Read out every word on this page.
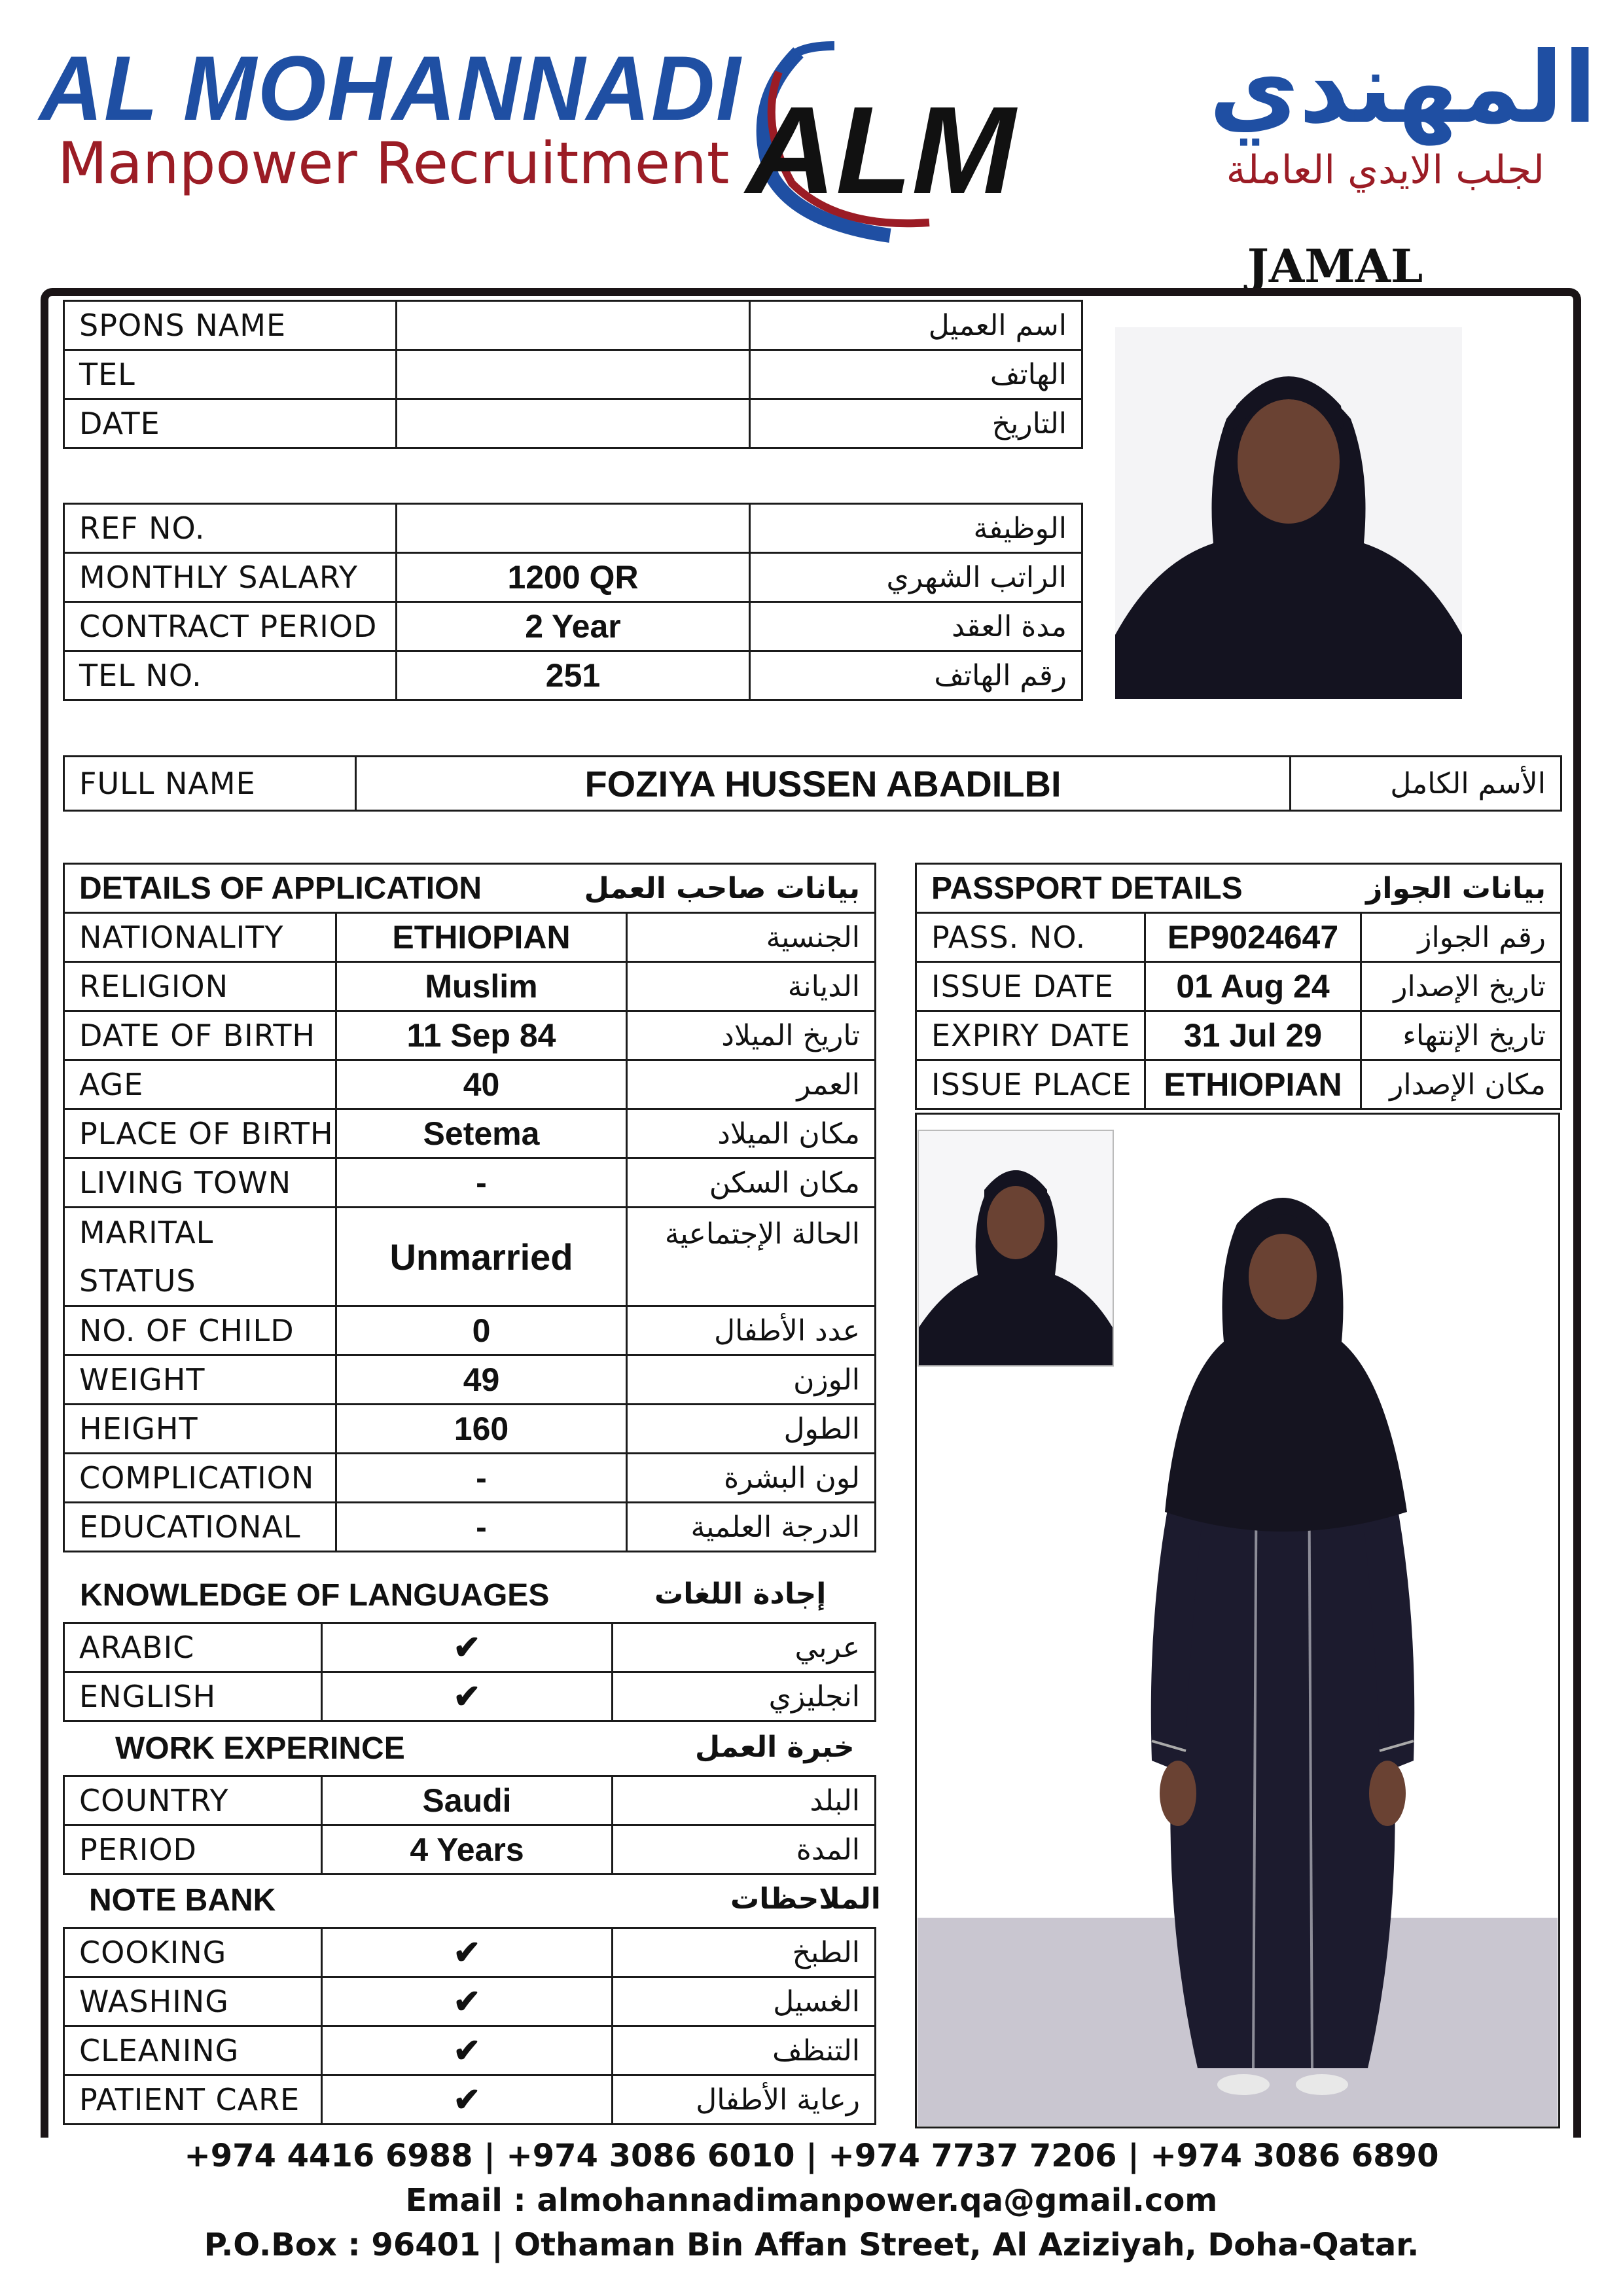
AL MOHANNADI
Manpower Recruitment ALM	المهندي
لجلب الايدي العاملة
JAMAL
SPONS NAME		اسم العميل
TEL		الهاتف
DATE		التاريخ
REF NO.		الوظيفة
MONTHLY SALARY	1200 QR	الراتب الشهري
CONTRACT PERIOD	2 Year	مدة العقد
TEL NO.	251	رقم الهاتف
FULL NAME	FOZIYA HUSSEN ABADILBI	الأسم الكامل
DETAILS OF APPLICATION		بيانات صاحب العمل
NATIONALITY	ETHIOPIAN	الجنسية
RELIGION	Muslim	الديانة
DATE OF BIRTH	11 Sep 84	تاريخ الميلاد
AGE	40	العمر
PLACE OF BIRTH	Setema	مكان الميلاد
LIVING TOWN	-	مكان السكن
MARITAL
STATUS	Unmarried	الحالة الإجتماعية
NO. OF CHILD	0	عدد الأطفال
WEIGHT	49	الوزن
HEIGHT	160	الطول
COMPLICATION	-	لون البشرة
EDUCATIONAL	-	الدرجة العلمية
KNOWLEDGE OF LANGUAGES	إجادة اللغات
ARABIC	✔	عربي
ENGLISH	✔	انجليزي
WORK EXPERINCE	خبرة العمل
COUNTRY	Saudi	البلد
PERIOD	4 Years	المدة
NOTE BANK	الملاحظات
COOKING	✔	الطبخ
WASHING	✔	الغسيل
CLEANING	✔	التنظف
PATIENT CARE	✔	رعاية الأطفال
PASSPORT DETAILS		بيانات الجواز
PASS. NO.	EP9024647	رقم الجواز
ISSUE DATE	01 Aug 24	تاريخ الإصدار
EXPIRY DATE	31 Jul 29	تاريخ الإنتهاء
ISSUE PLACE	ETHIOPIAN	مكان الإصدار
+974 4416 6988 | +974 3086 6010 | +974 7737 7206 | +974 3086 6890
Email : almohannadimanpower.qa@gmail.com
P.O.Box : 96401 | Othaman Bin Affan Street, Al Aziziyah, Doha-Qatar.
